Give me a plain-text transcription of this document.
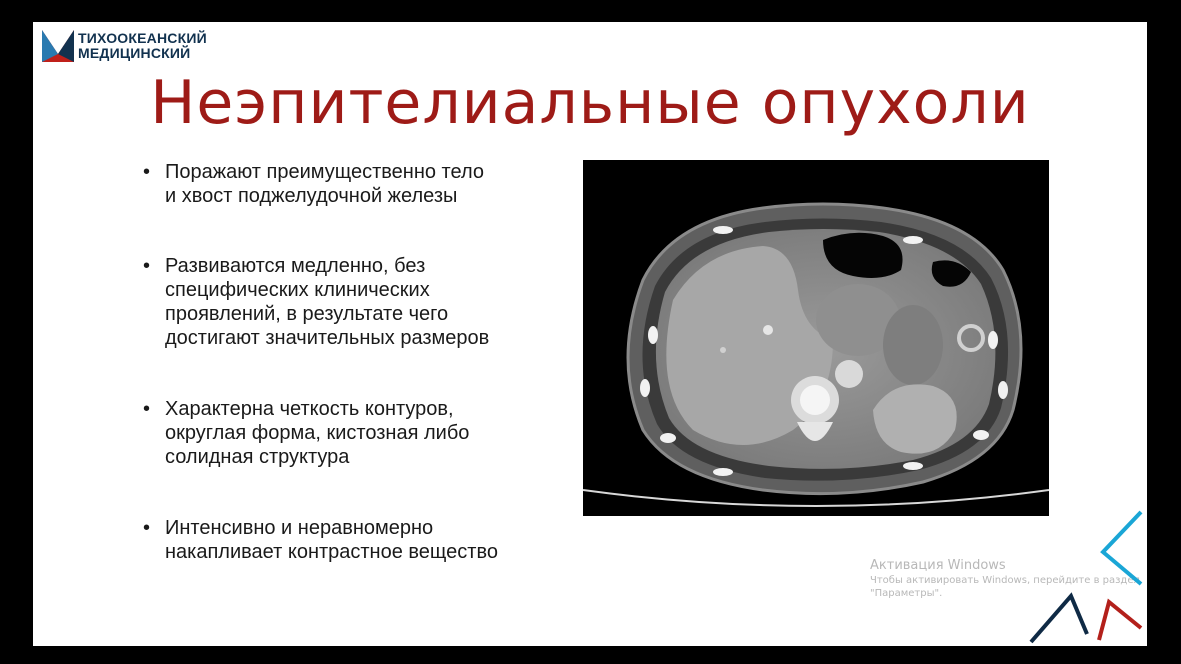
ТИХООКЕАНСКИЙ
МЕДИЦИНСКИЙ
Неэпителиальные опухоли
• Поражают преимущественно тело
и хвост поджелудочной железы
• Развиваются медленно, без
специфических клинических
проявлений, в результате чего
достигают значительных размеров
• Характерна четкость контуров,
округлая форма, кистозная либо
солидная структура
• Интенсивно и неравномерно
накапливает контрастное вещество
Активация Windows
Чтобы активировать Windows, перейдите в раздел
"Параметры".
